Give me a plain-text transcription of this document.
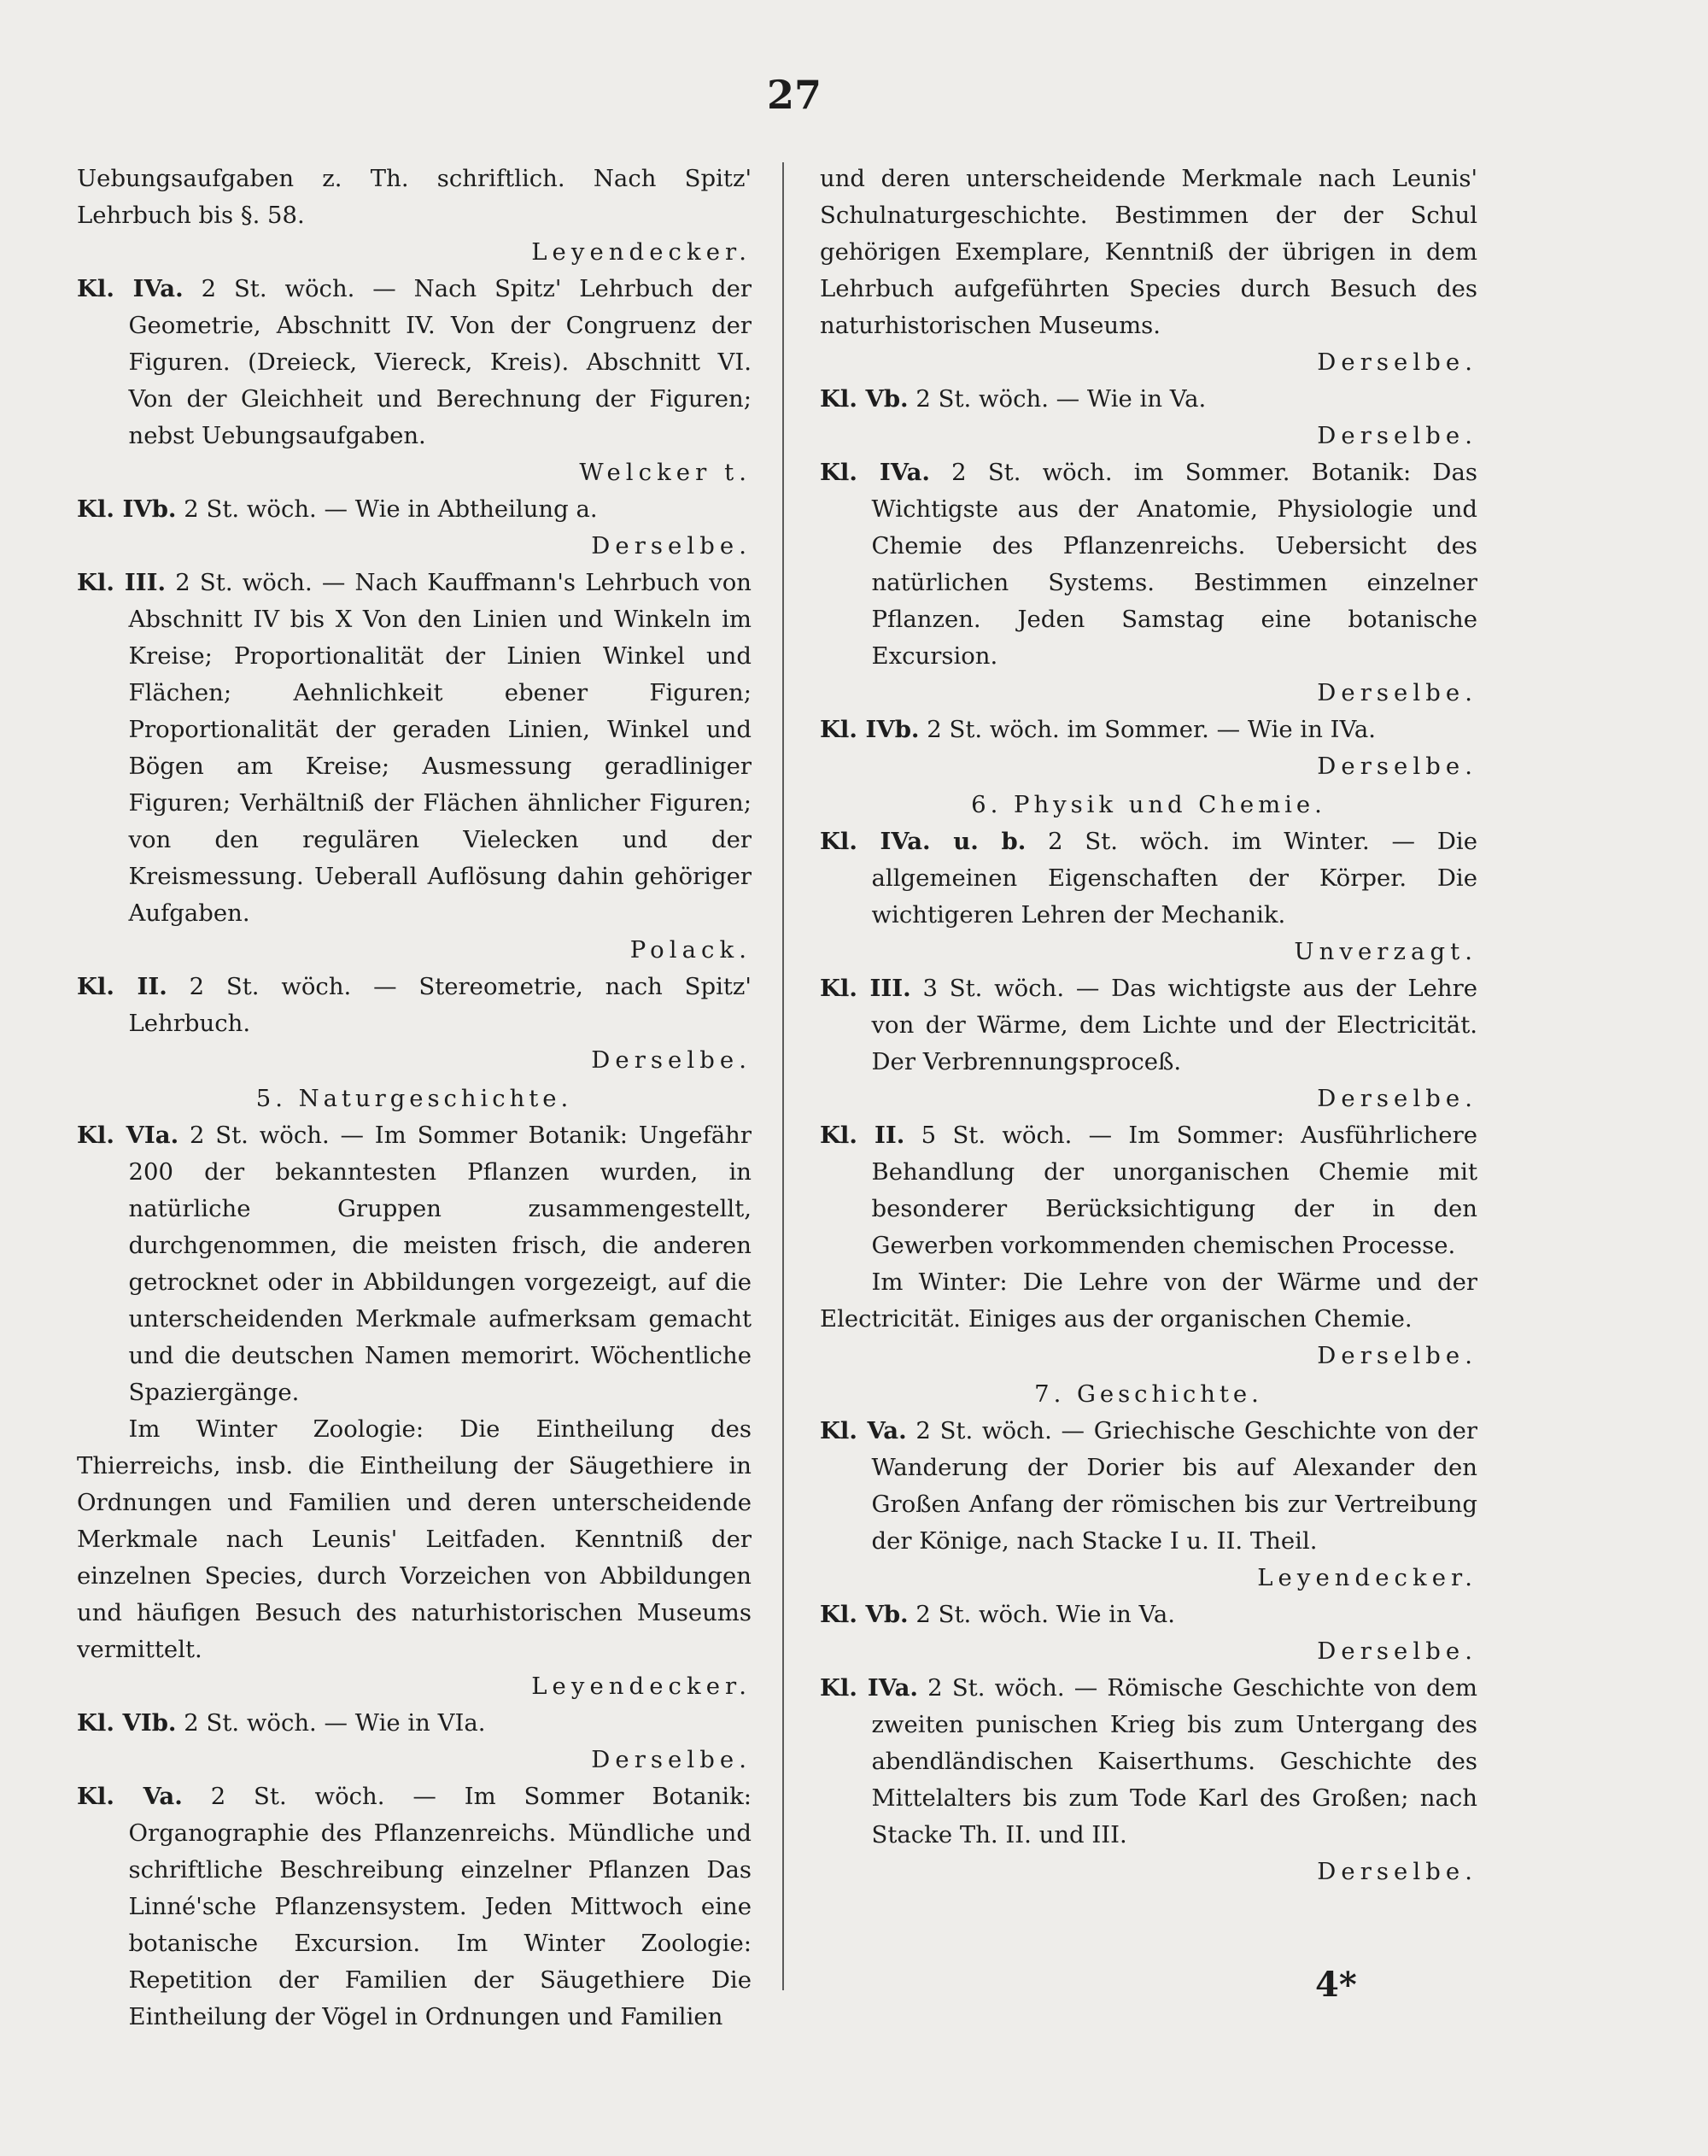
27

Uebungsaufgaben z. Th. schriftlich. Nach Spitz' Lehrbuch bis §. 58.

Leyendecker.

Kl. IVa. 2 St. wöch. — Nach Spitz' Lehrbuch der Geometrie, Abschnitt IV. Von der Congruenz der Figuren. (Dreieck, Viereck, Kreis). Abschnitt VI. Von der Gleichheit und Berechnung der Figuren; nebst Uebungsaufgaben.

Welcker t.

Kl. IVb. 2 St. wöch. — Wie in Abtheilung a.

Derselbe.

Kl. III. 2 St. wöch. — Nach Kauffmann's Lehrbuch von Abschnitt IV bis X Von den Linien und Winkeln im Kreise; Proportionalität der Linien Winkel und Flächen; Aehnlichkeit ebener Figuren; Proportionalität der geraden Linien, Winkel und Bögen am Kreise; Ausmessung geradliniger Figuren; Verhältniß der Flächen ähnlicher Figuren; von den regulären Vielecken und der Kreismessung. Ueberall Auflösung dahin gehöriger Aufgaben.

Polack.

Kl. II. 2 St. wöch. — Stereometrie, nach Spitz' Lehrbuch.

Derselbe.

5. Naturgeschichte.

Kl. VIa. 2 St. wöch. — Im Sommer Botanik: Ungefähr 200 der bekanntesten Pflanzen wurden, in natürliche Gruppen zusammengestellt, durchgenommen, die meisten frisch, die anderen getrocknet oder in Abbildungen vorgezeigt, auf die unterscheidenden Merkmale aufmerksam gemacht und die deutschen Namen memorirt. Wöchentliche Spaziergänge.

Im Winter Zoologie: Die Eintheilung des Thierreichs, insb. die Eintheilung der Säugethiere in Ordnungen und Familien und deren unterscheidende Merkmale nach Leunis' Leitfaden. Kenntniß der einzelnen Species, durch Vorzeichen von Abbildungen und häufigen Besuch des naturhistorischen Museums vermittelt.

Leyendecker.

Kl. VIb. 2 St. wöch. — Wie in VIa.

Derselbe.

Kl. Va. 2 St. wöch. — Im Sommer Botanik: Organographie des Pflanzenreichs. Mündliche und schriftliche Beschreibung einzelner Pflanzen Das Linné'sche Pflanzensystem. Jeden Mittwoch eine botanische Excursion. Im Winter Zoologie: Repetition der Familien der Säugethiere Die Eintheilung der Vögel in Ordnungen und Familien

und deren unterscheidende Merkmale nach Leunis' Schulnaturgeschichte. Bestimmen der der Schul gehörigen Exemplare, Kenntniß der übrigen in dem Lehrbuch aufgeführten Species durch Besuch des naturhistorischen Museums.

Derselbe.

Kl. Vb. 2 St. wöch. — Wie in Va.

Derselbe.

Kl. IVa. 2 St. wöch. im Sommer. Botanik: Das Wichtigste aus der Anatomie, Physiologie und Chemie des Pflanzenreichs. Uebersicht des natürlichen Systems. Bestimmen einzelner Pflanzen. Jeden Samstag eine botanische Excursion.

Derselbe.

Kl. IVb. 2 St. wöch. im Sommer. — Wie in IVa.

Derselbe.

6. Physik und Chemie.

Kl. IVa. u. b. 2 St. wöch. im Winter. — Die allgemeinen Eigenschaften der Körper. Die wichtigeren Lehren der Mechanik.

Unverzagt.

Kl. III. 3 St. wöch. — Das wichtigste aus der Lehre von der Wärme, dem Lichte und der Electricität. Der Verbrennungsproceß.

Derselbe.

Kl. II. 5 St. wöch. — Im Sommer: Ausführlichere Behandlung der unorganischen Chemie mit besonderer Berücksichtigung der in den Gewerben vorkommenden chemischen Processe.

Im Winter: Die Lehre von der Wärme und der Electricität. Einiges aus der organischen Chemie.

Derselbe.

7. Geschichte.

Kl. Va. 2 St. wöch. — Griechische Geschichte von der Wanderung der Dorier bis auf Alexander den Großen Anfang der römischen bis zur Vertreibung der Könige, nach Stacke I u. II. Theil.

Leyendecker.

Kl. Vb. 2 St. wöch. Wie in Va.

Derselbe.

Kl. IVa. 2 St. wöch. — Römische Geschichte von dem zweiten punischen Krieg bis zum Untergang des abendländischen Kaiserthums. Geschichte des Mittelalters bis zum Tode Karl des Großen; nach Stacke Th. II. und III.

Derselbe.

4*
